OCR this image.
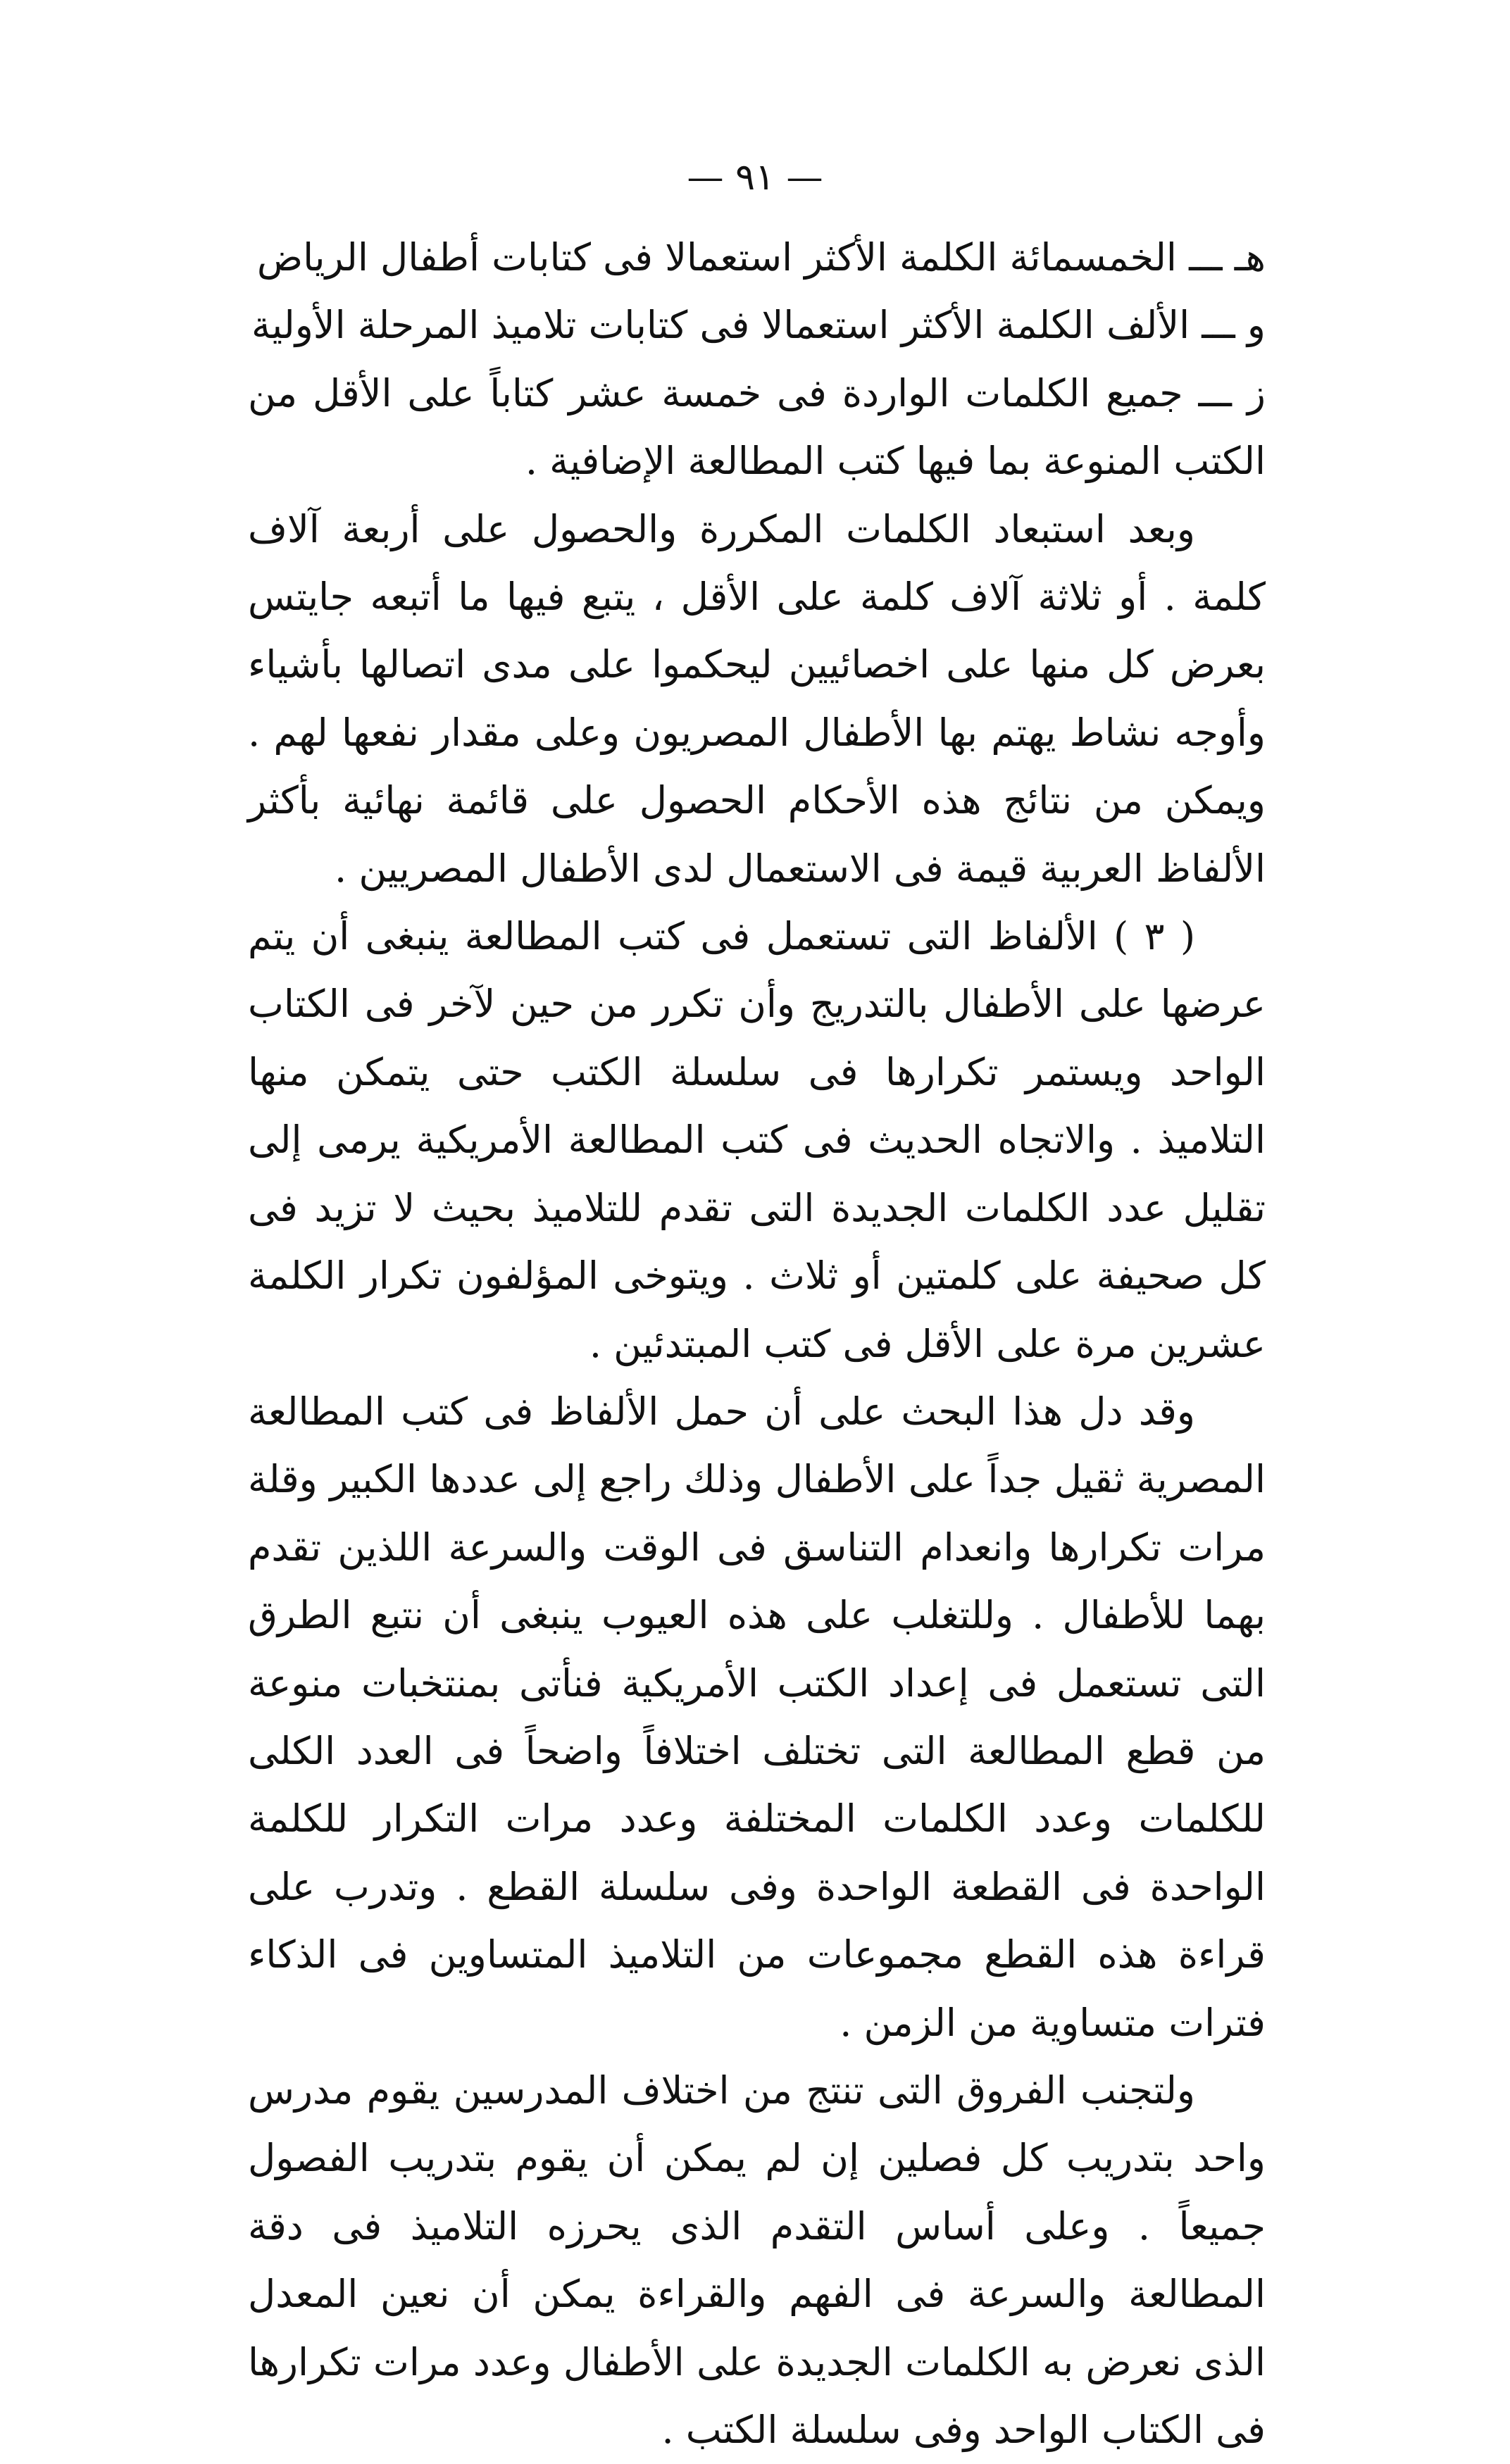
— ٩١ —

هـ ـــ الخمسمائة الكلمة الأكثر استعمالا فى كتابات أطفال الرياض

و ـــ الألف الكلمة الأكثر استعمالا فى كتابات تلاميذ المرحلة الأولية

ز ـــ جميع الكلمات الواردة فى خمسة عشر كتاباً على الأقل من الكتب المنوعة بما فيها كتب المطالعة الإضافية .

وبعد استبعاد الكلمات المكررة والحصول على أربعة آلاف كلمة . أو ثلاثة آلاف كلمة على الأقل ، يتبع فيها ما أتبعه جايتس بعرض كل منها على اخصائيين ليحكموا على مدى اتصالها بأشياء وأوجه نشاط يهتم بها الأطفال المصريون وعلى مقدار نفعها لهم . ويمكن من نتائج هذه الأحكام الحصول على قائمة نهائية بأكثر الألفاظ العربية قيمة فى الاستعمال لدى الأطفال المصريين .

( ٣ ) الألفاظ التى تستعمل فى كتب المطالعة ينبغى أن يتم عرضها على الأطفال بالتدريج وأن تكرر من حين لآخر فى الكتاب الواحد ويستمر تكرارها فى سلسلة الكتب حتى يتمكن منها التلاميذ . والاتجاه الحديث فى كتب المطالعة الأمريكية يرمى إلى تقليل عدد الكلمات الجديدة التى تقدم للتلاميذ بحيث لا تزيد فى كل صحيفة على كلمتين أو ثلاث . ويتوخى المؤلفون تكرار الكلمة عشرين مرة على الأقل فى كتب المبتدئين .

وقد دل هذا البحث على أن حمل الألفاظ فى كتب المطالعة المصرية ثقيل جداً على الأطفال وذلك راجع إلى عددها الكبير وقلة مرات تكرارها وانعدام التناسق فى الوقت والسرعة اللذين تقدم بهما للأطفال . وللتغلب على هذه العيوب ينبغى أن نتبع الطرق التى تستعمل فى إعداد الكتب الأمريكية فنأتى بمنتخبات منوعة من قطع المطالعة التى تختلف اختلافاً واضحاً فى العدد الكلى للكلمات وعدد الكلمات المختلفة وعدد مرات التكرار للكلمة الواحدة فى القطعة الواحدة وفى سلسلة القطع . وتدرب على قراءة هذه القطع مجموعات من التلاميذ المتساوين فى الذكاء فترات متساوية من الزمن .

ولتجنب الفروق التى تنتج من اختلاف المدرسين يقوم مدرس واحد بتدريب كل فصلين إن لم يمكن أن يقوم بتدريب الفصول جميعاً . وعلى أساس التقدم الذى يحرزه التلاميذ فى دقة المطالعة والسرعة فى الفهم والقراءة يمكن أن نعين المعدل الذى نعرض به الكلمات الجديدة على الأطفال وعدد مرات تكرارها فى الكتاب الواحد وفى سلسلة الكتب .
